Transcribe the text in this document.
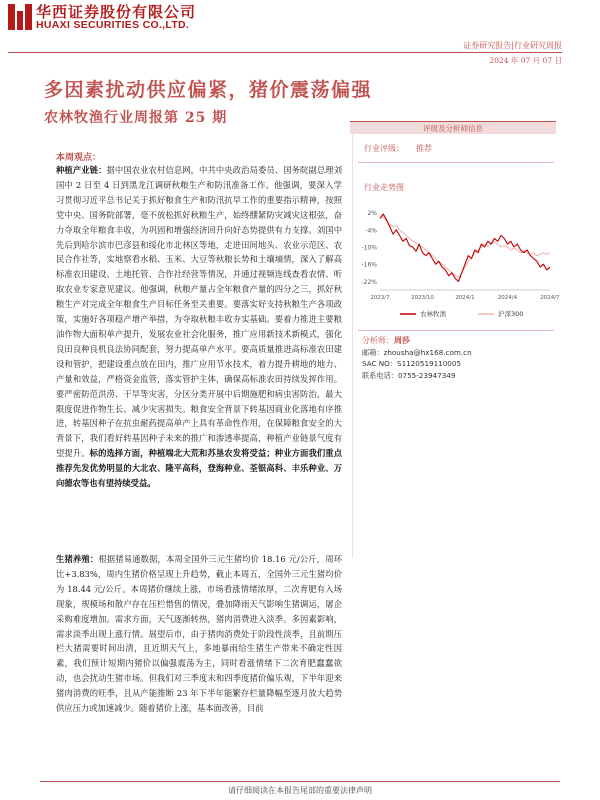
华西证券股份有限公司
HUAXI SECURITIES CO.,LTD.
证券研究报告|行业研究周报
2024 年 07 月 07 日
多因素扰动供应偏紧，猪价震荡偏强
农林牧渔行业周报第 25 期
本周观点：
种植产业链：据中国农业农村信息网，中共中央政治局委员、国务院副总理刘国中 2 日至 4 日到黑龙江调研秋粮生产和防汛准备工作。他强调，要深入学习贯彻习近平总书记关于抓好粮食生产和防汛抗旱工作的重要指示精神，按照党中央、国务院部署，毫不放松抓好秋粮生产，始终绷紧防灾减灾这根弦，奋力夺取全年粮食丰收，为巩固和增强经济回升向好态势提供有力支撑。刘国中先后到哈尔滨市巴彦县和绥化市北林区等地，走进田间地头、农业示范区、农民合作社等，实地察看水稻、玉米、大豆等秋粮长势和土壤墒情，深入了解高标准农田建设、土地托管、合作社经营等情况，并通过视频连线查看农情、听取农业专家意见建议。他强调，秋粮产量占全年粮食产量的四分之三，抓好秋粮生产对完成全年粮食生产目标任务至关重要。要落实好支持秋粮生产各项政策，实施好各项稳产增产举措，为夺取秋粮丰收夯实基础。要着力推进主要粮油作物大面积单产提升，发展农业社会化服务，推广应用新技术新模式，强化良田良种良机良法协同配套，努力提高单产水平。要高质量推进高标准农田建设和管护，把建设重点放在田内，推广应用节水技术，着力提升耕地的地力、产量和效益，严格资金监管，落实管护主体，确保高标准农田持续发挥作用。要严密防范洪涝、干旱等灾害，分区分类开展中后期施肥和病虫害防治，最大限度促进作物生长、减少灾害损失。粮食安全背景下转基因商业化落地有序推进，转基因种子在抗虫耐药提高单产上具有革命性作用，在保障粮食安全的大背景下，我们看好转基因种子未来的推广和渗透率提高，种植产业链景气度有望提升。标的选择方面，种植端北大荒和苏垦农发将受益；种业方面我们重点推荐先发优势明显的大北农、隆平高科，登海种业、荃银高科、丰乐种业、万向德农等也有望持续受益。
生猪养殖：根据猪易通数据，本周全国外三元生猪均价 18.16 元/公斤，周环比+3.83%，周内生猪价格呈现上升趋势，截止本周五，全国外三元生猪均价为 18.44 元/公斤。本周猪价继续上涨，市场看涨情绪浓厚，二次育肥有入场现象，规模场和散户存在压栏惜售的情况，叠加降雨天气影响生猪调运，屠企采购难度增加。需求方面，天气逐渐转热，猪肉消费进入淡季。多因素影响，需求淡季出现上涨行情。展望后市，由于猪肉消费处于阶段性淡季，且前期压栏大猪需要时间出清，且近期天气上，多地暴雨给生猪生产带来不确定性因素，我们预计短期内猪价以偏强震荡为主，同时看涨情绪下二次育肥蠢蠢欲动，也会扰动生猪市场。但我们对三季度末和四季度猪价偏乐观，下半年迎来猪肉消费的旺季，且从产能推断 23 年下半年能繁存栏量降幅至逐月放大趋势供应压力或加速减少。随着猪价上涨，基本面改善，目前
评级及分析师信息
行业评级： 推荐
行业走势图
2%
-4%
-10%
-16%
-22%
2023/7	2023/10	2024/1	2024/4	2024/7
农林牧渔	沪深300
分析师：周莎
邮箱：zhousha@hx168.com.cn
SAC NO：S1120519110005
联系电话：0755-23947349
请仔细阅读在本报告尾部的重要法律声明
